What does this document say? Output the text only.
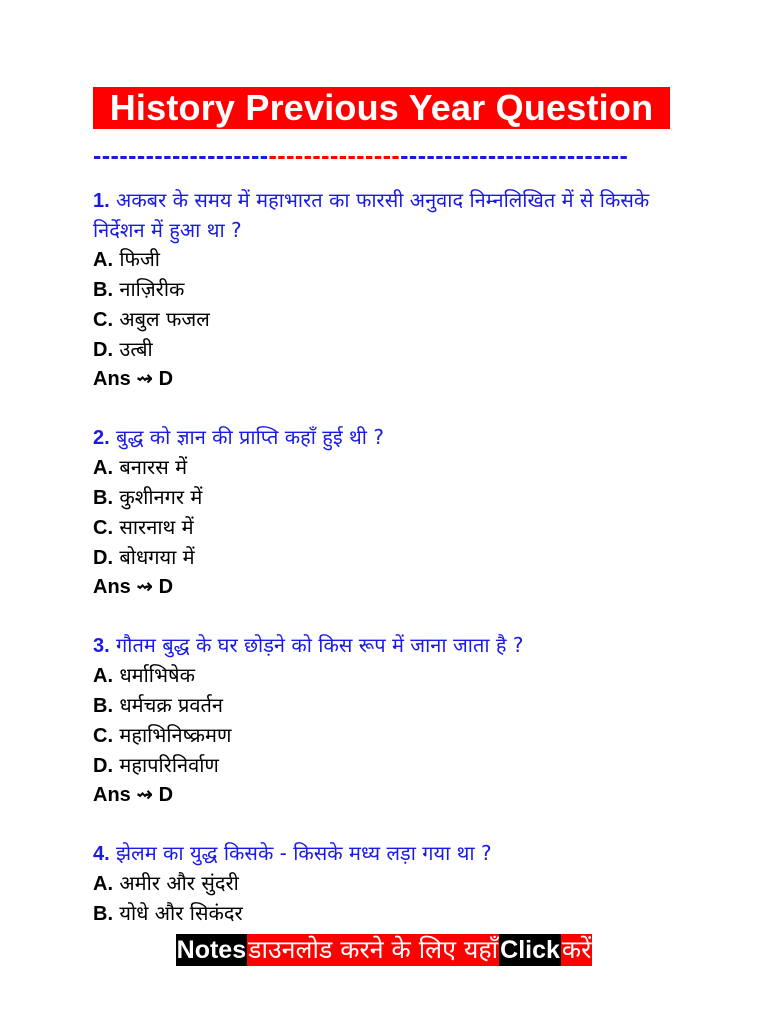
History Previous Year Question
-------------------------------------------------------------
1. अकबर के समय में महाभारत का फारसी अनुवाद निम्नलिखित में से किसके निर्देशन में हुआ था ?
A. फिजी
B. नाज़िरीक
C. अबुल फजल
D. उत्बी
Ans ⇝ D
2. बुद्ध को ज्ञान की प्राप्ति कहाँ हुई थी ?
A. बनारस में
B. कुशीनगर में
C. सारनाथ में
D. बोधगया में
Ans ⇝ D
3. गौतम बुद्ध के घर छोड़ने को किस रूप में जाना जाता है ?
A. धर्माभिषेक
B. धर्मचक्र प्रवर्तन
C. महाभिनिष्क्रमण
D. महापरिनिर्वाण
Ans ⇝ D
4. झेलम का युद्ध किसके - किसके मध्य लड़ा गया था ?
A. अमीर और सुंदरी
B. योधे और सिकंदर
Notesडाउनलोड करने के लिए यहाँClickकरें
